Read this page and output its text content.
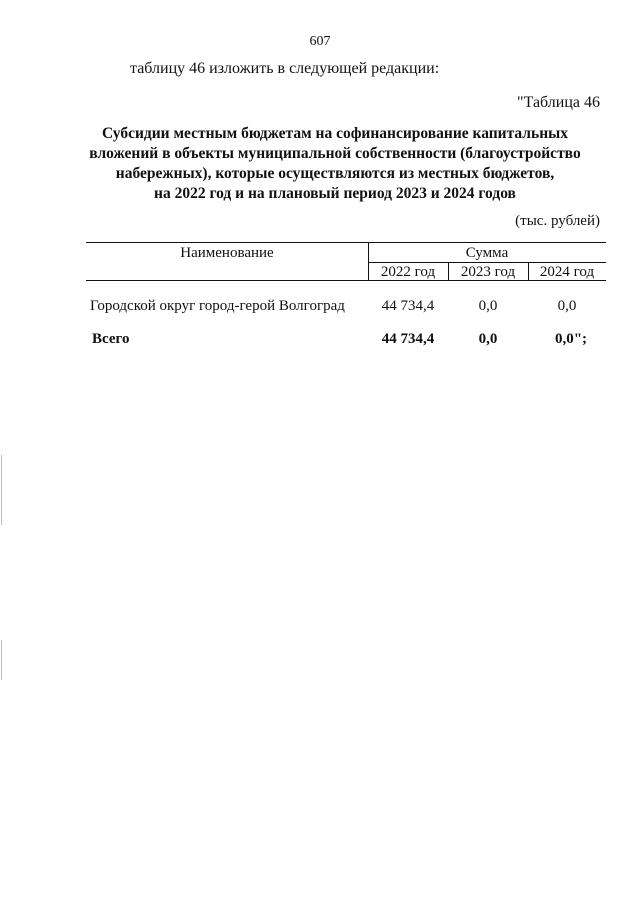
607
таблицу 46 изложить в следующей редакции:
"Таблица 46
Субсидии местным бюджетам на софинансирование капитальных
вложений в объекты муниципальной собственности (благоустройство
набережных), которые осуществляются из местных бюджетов,
на 2022 год и на плановый период 2023 и 2024 годов
(тыс. рублей)
Наименование	Сумма
2022 год	2023 год	2024 год
Городской округ город-герой Волгоград	44 734,4	0,0	0,0
Всего	44 734,4	0,0	0,0";
